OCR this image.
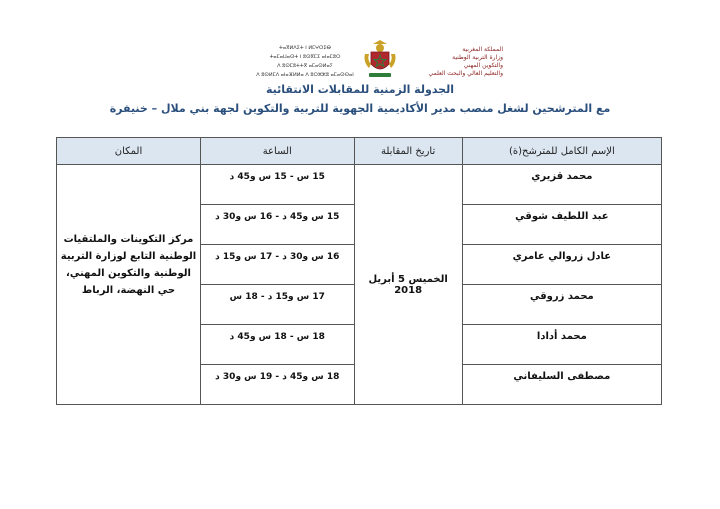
ⵜⴰⴳⵍⴷⵉⵜ ⵏ ⵍⵎⵖⵔⵉⴱ
ⵜⴰⵎⴰⵡⴰⵙⵜ ⵏ ⵓⵙⴳⵎⵉ ⴰⵏⴰⵎⵓⵔ
ⴷ ⵓⵙⵎⵓⵜⵜⴳ ⴰⵎⴰⵙⵍⴰⵢ
ⴷ ⵓⵙⵍⵎⴷ ⴰⵏⴰⴼⵍⵍⴰ ⴷ ⵓⵔⵣⵣⵓ ⴰⵎⴰⵙⵙⴰⵏ
المملكة المغربية
وزارة التربية الوطنية
والتكوين المهني
والتعليم العالي والبحث العلمي
الجدولة الزمنية للمقابلات الانتقائية
مع المترشحين لشغل منصب مدير الأكاديمية الجهوية للتربية والتكوين لجهة بني ملال – خنيفرة
الإسم الكامل للمترشح(ة)	تاريخ المقابلة	الساعة	المكان
محمد قزيري	الخميس 5 أبريل 2018	15 س - 15 س و45 د	مركز التكوينات والملتقيات الوطنية التابع لوزارة التربية الوطنية والتكوين المهني، حي النهضة، الرباط
عبد اللطيف شوقي		15 س و45 د - 16 س و30 د	
عادل زروالي عامري		16 س و30 د - 17 س و15 د	
محمد زروقي		17 س و15 د - 18 س	
محمد أدادا		18 س - 18 س و45 د	
مصطفى السليفاني		18 س و45 د - 19 س و30 د	
